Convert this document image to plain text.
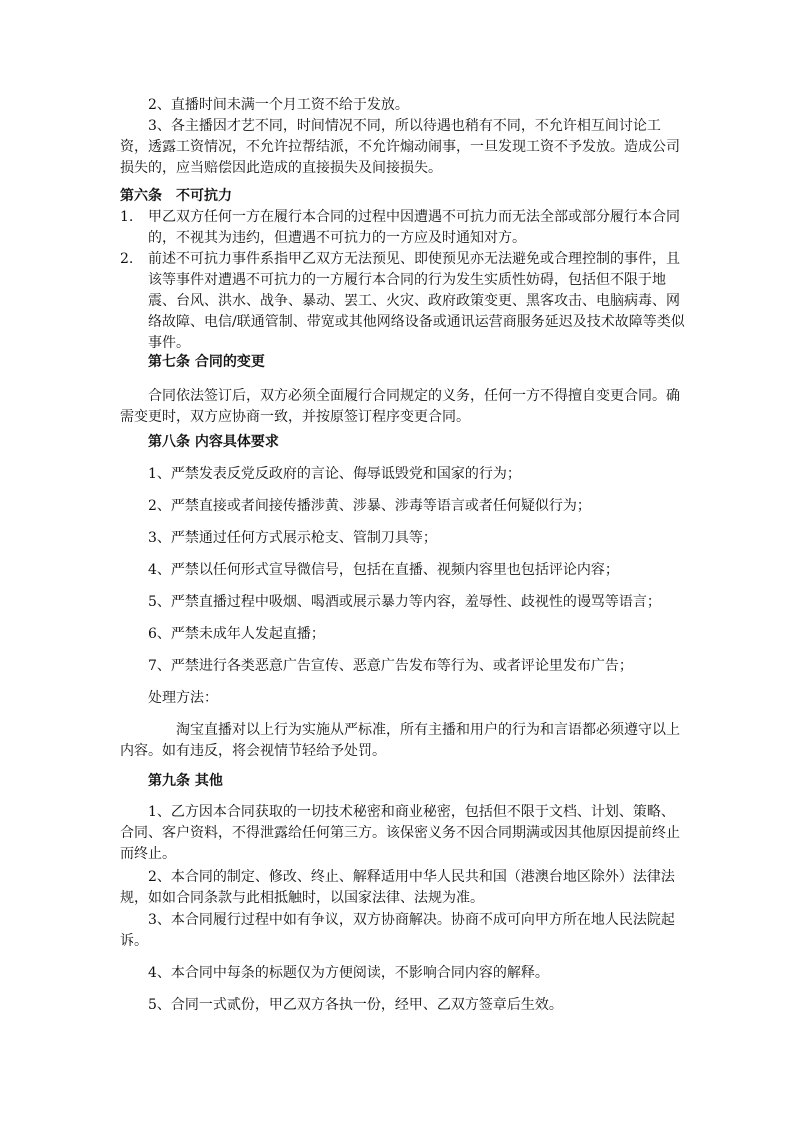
2、直播时间未满一个月工资不给于发放。

3、各主播因才艺不同，时间情况不同，所以待遇也稍有不同，不允许相互间讨论工资，透露工资情况，不允许拉帮结派，不允许煽动闹事，一旦发现工资不予发放。造成公司损失的，应当赔偿因此造成的直接损失及间接损失。

第六条　不可抗力
1. 甲乙双方任何一方在履行本合同的过程中因遭遇不可抗力而无法全部或部分履行本合同的，不视其为违约，但遭遇不可抗力的一方应及时通知对方。
2. 前述不可抗力事件系指甲乙双方无法预见、即使预见亦无法避免或合理控制的事件，且该等事件对遭遇不可抗力的一方履行本合同的行为发生实质性妨碍，包括但不限于地震、台风、洪水、战争、暴动、罢工、火灾、政府政策变更、黑客攻击、电脑病毒、网络故障、电信/联通管制、带宽或其他网络设备或通讯运营商服务延迟及技术故障等类似事件。
第七条 合同的变更

合同依法签订后，双方必须全面履行合同规定的义务，任何一方不得擅自变更合同。确需变更时，双方应协商一致，并按原签订程序变更合同。

第八条 内容具体要求

1、严禁发表反党反政府的言论、侮辱诋毁党和国家的行为；

2、严禁直接或者间接传播涉黄、涉暴、涉毒等语言或者任何疑似行为；

3、严禁通过任何方式展示枪支、管制刀具等；

4、严禁以任何形式宣导微信号，包括在直播、视频内容里也包括评论内容；

5、严禁直播过程中吸烟、喝酒或展示暴力等内容，羞辱性、歧视性的谩骂等语言；

6、严禁未成年人发起直播；

7、严禁进行各类恶意广告宣传、恶意广告发布等行为、或者评论里发布广告；

处理方法：

淘宝直播对以上行为实施从严标准，所有主播和用户的行为和言语都必须遵守以上内容。如有违反，将会视情节轻给予处罚。

第九条 其他

1、乙方因本合同获取的一切技术秘密和商业秘密，包括但不限于文档、计划、策略、合同、客户资料，不得泄露给任何第三方。该保密义务不因合同期满或因其他原因提前终止而终止。

2、本合同的制定、修改、终止、解释适用中华人民共和国（港澳台地区除外）法律法规，如如合同条款与此相抵触时，以国家法律、法规为准。

3、本合同履行过程中如有争议，双方协商解决。协商不成可向甲方所在地人民法院起诉。

4、本合同中每条的标题仅为方便阅读，不影响合同内容的解释。

5、合同一式贰份，甲乙双方各执一份，经甲、乙双方签章后生效。
